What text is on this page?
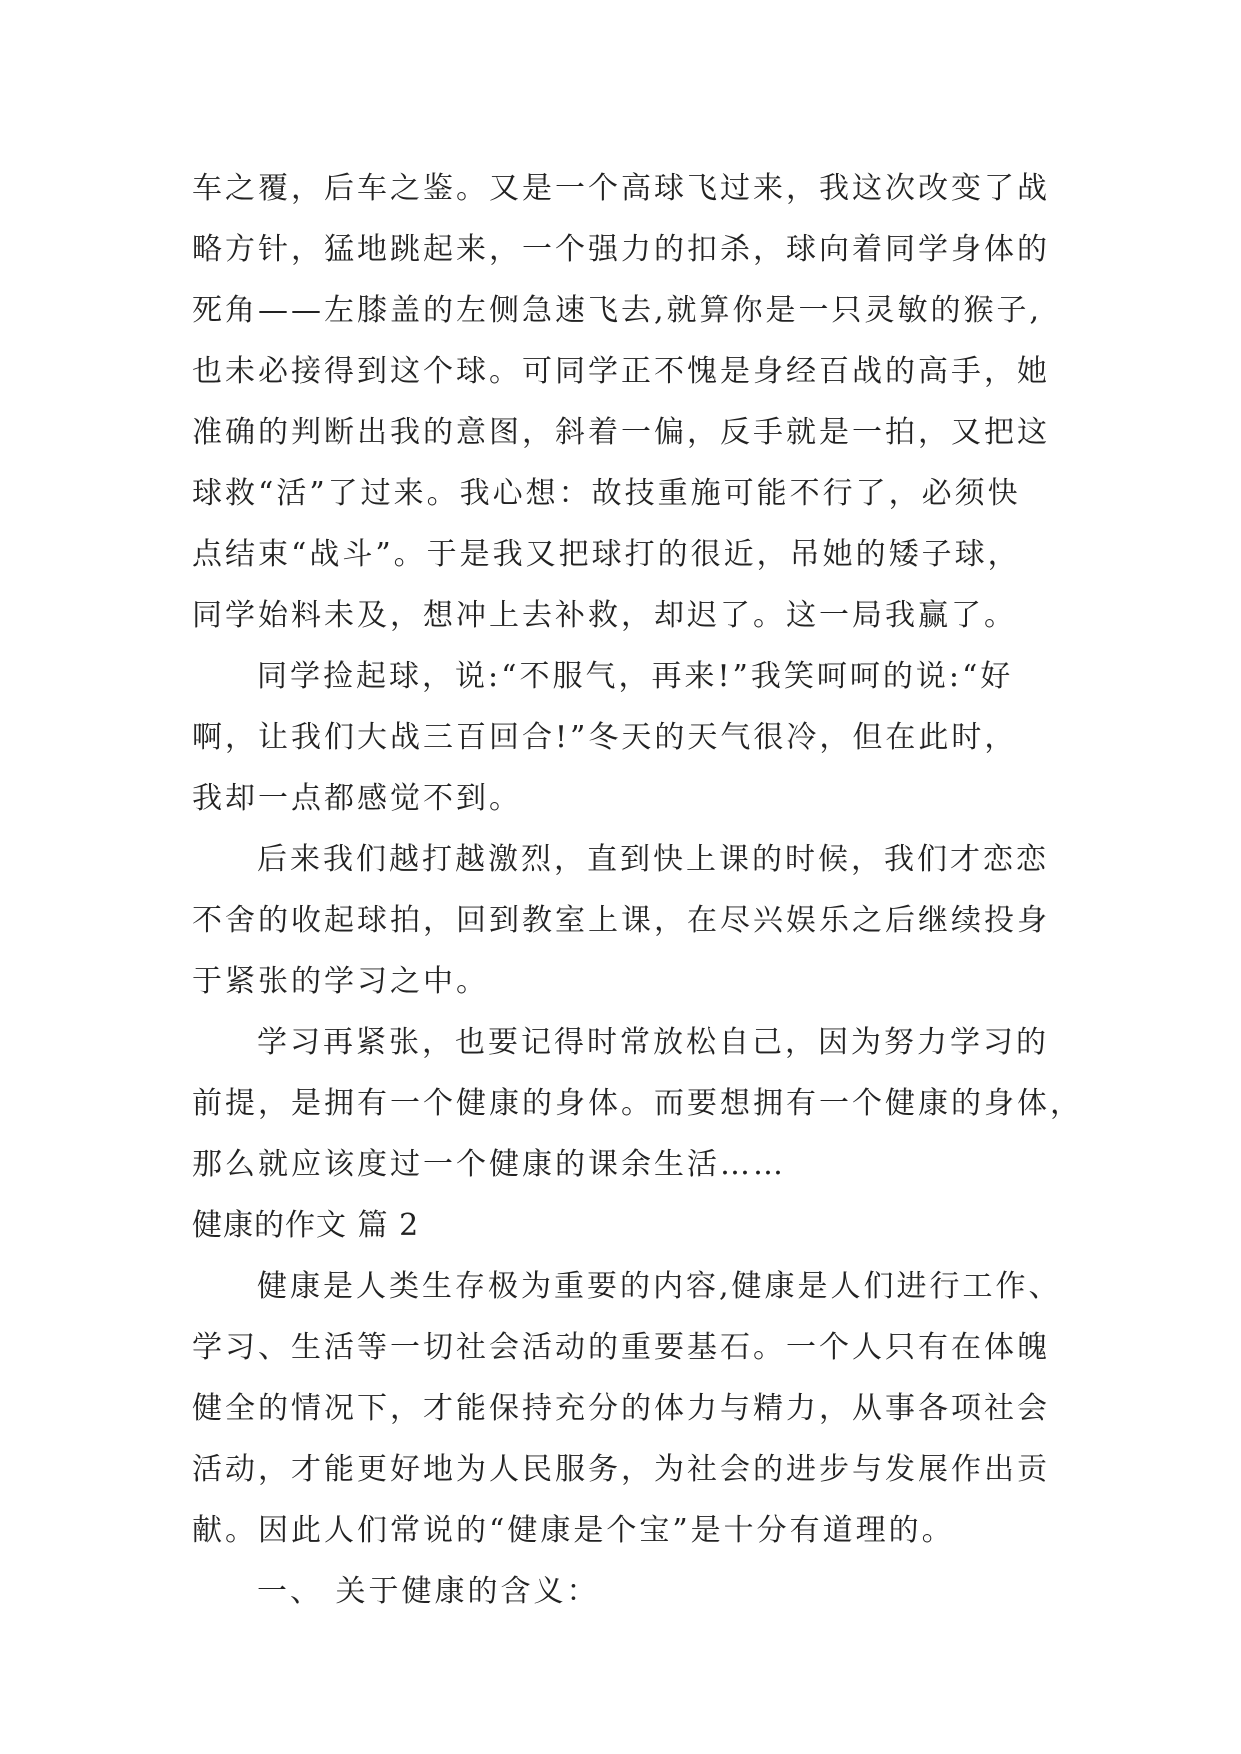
车之覆，后车之鉴。又是一个高球飞过来，我这次改变了战
略方针，猛地跳起来，一个强力的扣杀，球向着同学身体的
死角——左膝盖的左侧急速飞去,就算你是一只灵敏的猴子,
也未必接得到这个球。可同学正不愧是身经百战的高手，她
准确的判断出我的意图，斜着一偏，反手就是一拍，又把这
球救“活”了过来。我心想：故技重施可能不行了，必须快
点结束“战斗”。于是我又把球打的很近，吊她的矮子球，
同学始料未及，想冲上去补救，却迟了。这一局我赢了。
同学捡起球，说:“不服气，再来!”我笑呵呵的说:“好
啊，让我们大战三百回合!”冬天的天气很冷，但在此时，
我却一点都感觉不到。
后来我们越打越激烈，直到快上课的时候，我们才恋恋
不舍的收起球拍，回到教室上课，在尽兴娱乐之后继续投身
于紧张的学习之中。
学习再紧张，也要记得时常放松自己，因为努力学习的
前提，是拥有一个健康的身体。而要想拥有一个健康的身体，
那么就应该度过一个健康的课余生活……
健康的作文 篇 2
健康是人类生存极为重要的内容,健康是人们进行工作、
学习、生活等一切社会活动的重要基石。一个人只有在体魄
健全的情况下，才能保持充分的体力与精力，从事各项社会
活动，才能更好地为人民服务，为社会的进步与发展作出贡
献。因此人们常说的“健康是个宝”是十分有道理的。
一、 关于健康的含义：
